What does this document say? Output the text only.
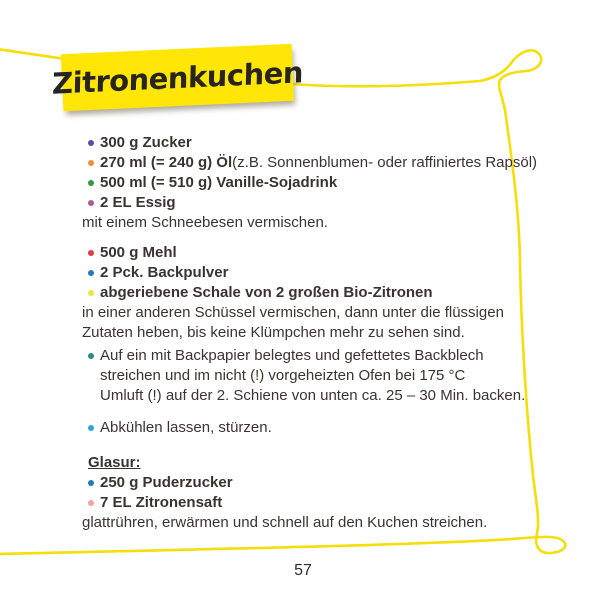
Zitronenkuchen
300 g Zucker
270 ml (= 240 g) Öl (z.B. Sonnenblumen- oder raffiniertes Rapsöl)
500 ml (= 510 g) Vanille-Sojadrink
2 EL Essig
mit einem Schneebesen vermischen.
500 g Mehl
2 Pck. Backpulver
abgeriebene Schale von 2 großen Bio-Zitronen
in einer anderen Schüssel vermischen, dann unter die flüssigen
Zutaten heben, bis keine Klümpchen mehr zu sehen sind.
Auf ein mit Backpapier belegtes und gefettetes Backblech
streichen und im nicht (!) vorgeheizten Ofen bei 175 °C
Umluft (!) auf der 2. Schiene von unten ca. 25 – 30 Min. backen.
Abkühlen lassen, stürzen.
Glasur:
250 g Puderzucker
7 EL Zitronensaft
glattrühren, erwärmen und schnell auf den Kuchen streichen.
57
